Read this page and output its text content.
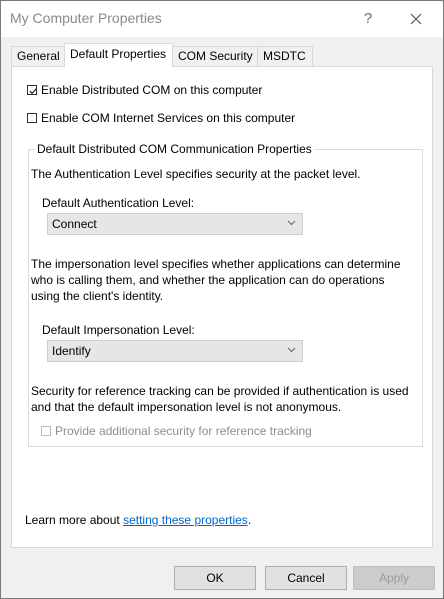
My Computer Properties	?
General Default Properties COM Security MSDTC
Enable Distributed COM on this computer
Enable COM Internet Services on this computer
Default Distributed COM Communication Properties
The Authentication Level specifies security at the packet level.
Default Authentication Level:
Connect
The impersonation level specifies whether applications can determine
who is calling them, and whether the application can do operations
using the client's identity.
Default Impersonation Level:
Identify
Security for reference tracking can be provided if authentication is used
and that the default impersonation level is not anonymous.
Provide additional security for reference tracking
Learn more about setting these properties.
OK	Cancel	Apply
